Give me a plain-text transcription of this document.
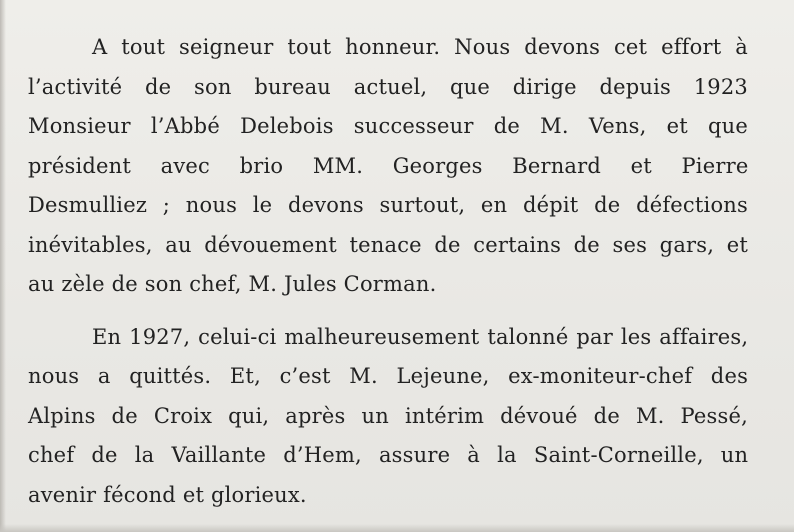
A tout seigneur tout honneur. Nous devons cet effort à
l’activité de son bureau actuel, que dirige depuis 1923
Monsieur l’Abbé Delebois successeur de M. Vens, et que
président avec brio MM. Georges Bernard et Pierre
Desmulliez ; nous le devons surtout, en dépit de défections
inévitables, au dévouement tenace de certains de ses gars, et
au zèle de son chef, M. Jules Corman.

En 1927, celui-ci malheureusement talonné par les affaires,
nous a quittés. Et, c’est M. Lejeune, ex-moniteur-chef des
Alpins de Croix qui, après un intérim dévoué de M. Pessé,
chef de la Vaillante d’Hem, assure à la Saint-Corneille, un
avenir fécond et glorieux.
